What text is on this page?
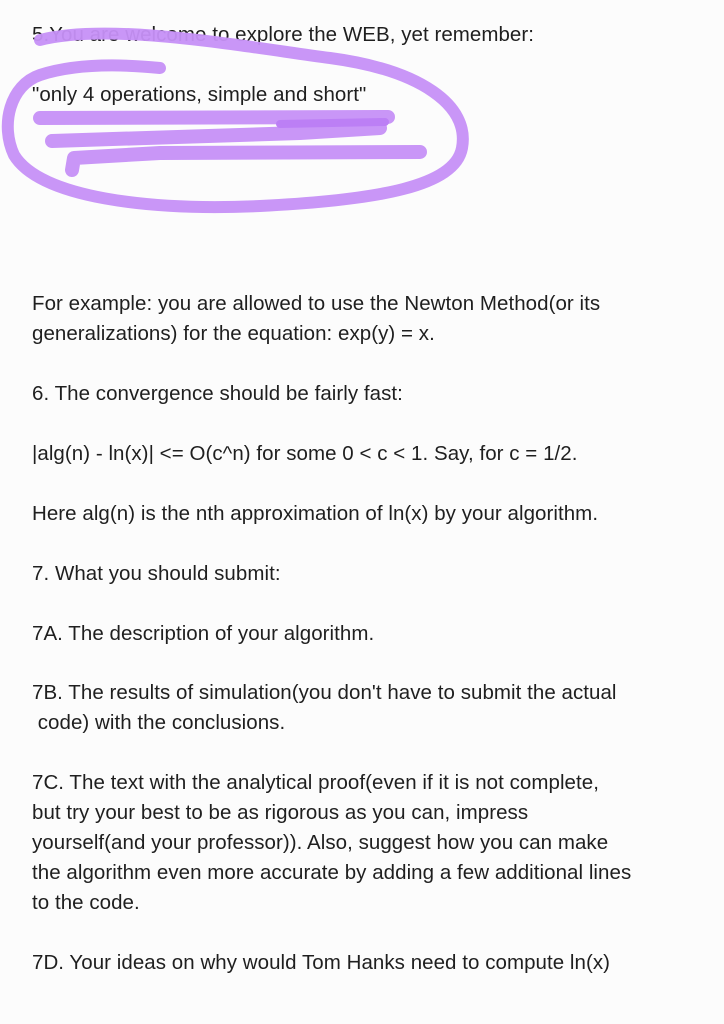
5.You are welcome to explore the WEB, yet remember:

"only 4 operations, simple and short"

For example: you are allowed to use the Newton Method(or its

generalizations) for the equation: exp(y) = x.

6. The convergence should be fairly fast:

|alg(n) - ln(x)| <= O(c^n) for some 0 < c < 1. Say, for c = 1/2.

Here alg(n) is the nth approximation of ln(x) by your algorithm.

7. What you should submit:

7A. The description of your algorithm.

7B. The results of simulation(you don't have to submit the actual

code) with the conclusions.

7C. The text with the analytical proof(even if it is not complete,

but try your best to be as rigorous as you can, impress

yourself(and your professor)). Also, suggest how you can make

the algorithm even more accurate by adding a few additional lines

to the code.

7D. Your ideas on why would Tom Hanks need to compute ln(x)
